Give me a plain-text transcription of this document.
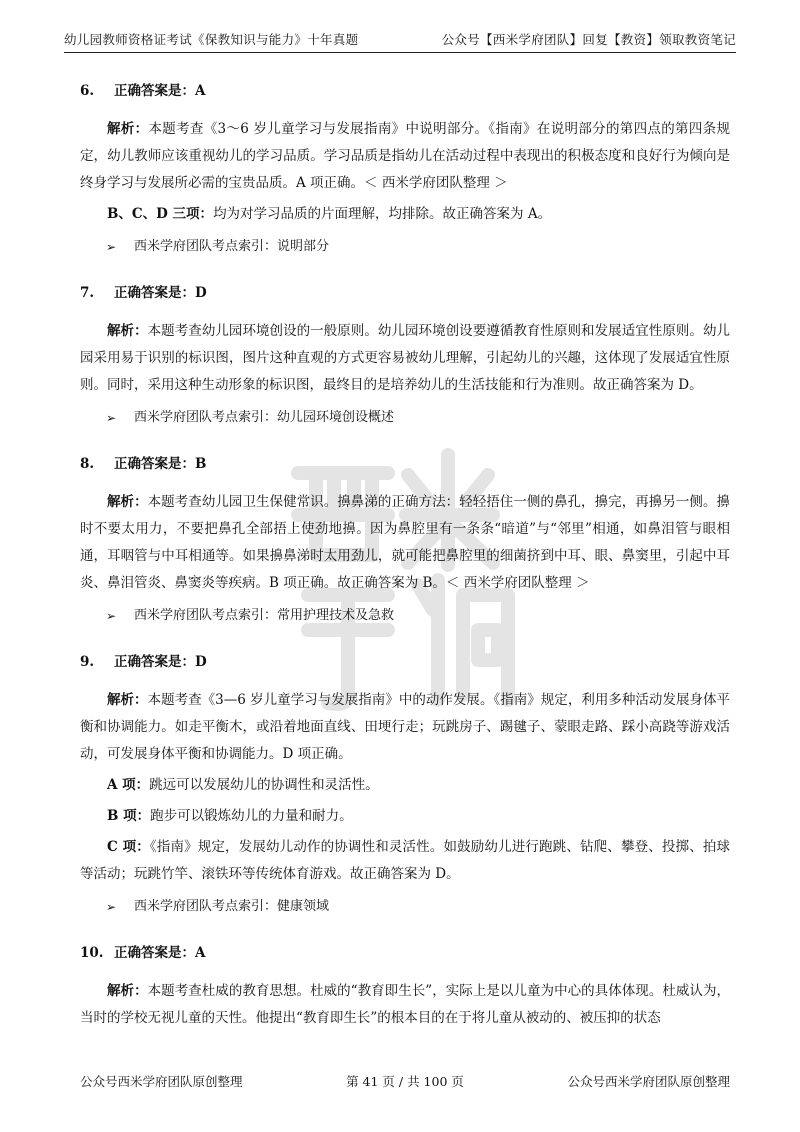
幼儿园教师资格证考试《保教知识与能力》十年真题	公众号【西米学府团队】回复【教资】领取教资笔记
6. 正确答案是：A

解析：本题考查《3～6 岁儿童学习与发展指南》中说明部分。《指南》在说明部分的第四点的第四条规定，幼儿教师应该重视幼儿的学习品质。学习品质是指幼儿在活动过程中表现出的积极态度和良好行为倾向是终身学习与发展所必需的宝贵品质。A 项正确。＜ 西米学府团队整理 ＞

B、C、D 三项：均为对学习品质的片面理解，均排除。故正确答案为 A。

➢	西米学府团队考点索引：说明部分
7. 正确答案是：D

解析：本题考查幼儿园环境创设的一般原则。幼儿园环境创设要遵循教育性原则和发展适宜性原则。幼儿园采用易于识别的标识图，图片这种直观的方式更容易被幼儿理解，引起幼儿的兴趣，这体现了发展适宜性原则。同时，采用这种生动形象的标识图，最终目的是培养幼儿的生活技能和行为准则。故正确答案为 D。

➢	西米学府团队考点索引：幼儿园环境创设概述
8. 正确答案是：B

解析：本题考查幼儿园卫生保健常识。擤鼻涕的正确方法：轻轻捂住一侧的鼻孔，擤完，再擤另一侧。擤时不要太用力，不要把鼻孔全部捂上使劲地擤。因为鼻腔里有一条条“暗道”与“邻里”相通，如鼻泪管与眼相通，耳咽管与中耳相通等。如果擤鼻涕时太用劲儿，就可能把鼻腔里的细菌挤到中耳、眼、鼻窦里，引起中耳炎、鼻泪管炎、鼻窦炎等疾病。B 项正确。故正确答案为 B。＜ 西米学府团队整理 ＞

➢	西米学府团队考点索引：常用护理技术及急救
9. 正确答案是：D

解析：本题考查《3—6 岁儿童学习与发展指南》中的动作发展。《指南》规定，利用多种活动发展身体平衡和协调能力。如走平衡木，或沿着地面直线、田埂行走；玩跳房子、踢毽子、蒙眼走路、踩小高跷等游戏活动，可发展身体平衡和协调能力。D 项正确。

A 项：跳远可以发展幼儿的协调性和灵活性。

B 项：跑步可以锻炼幼儿的力量和耐力。

C 项：《指南》规定，发展幼儿动作的协调性和灵活性。如鼓励幼儿进行跑跳、钻爬、攀登、投掷、拍球等活动；玩跳竹竿、滚铁环等传统体育游戏。故正确答案为 D。

➢	西米学府团队考点索引：健康领域
10. 正确答案是：A

解析：本题考查杜威的教育思想。杜威的“教育即生长”，实际上是以儿童为中心的具体体现。杜威认为，当时的学校无视儿童的天性。他提出“教育即生长”的根本目的在于将儿童从被动的、被压抑的状态

公众号西米学府团队原创整理	第 41 页 / 共 100 页	公众号西米学府团队原创整理
